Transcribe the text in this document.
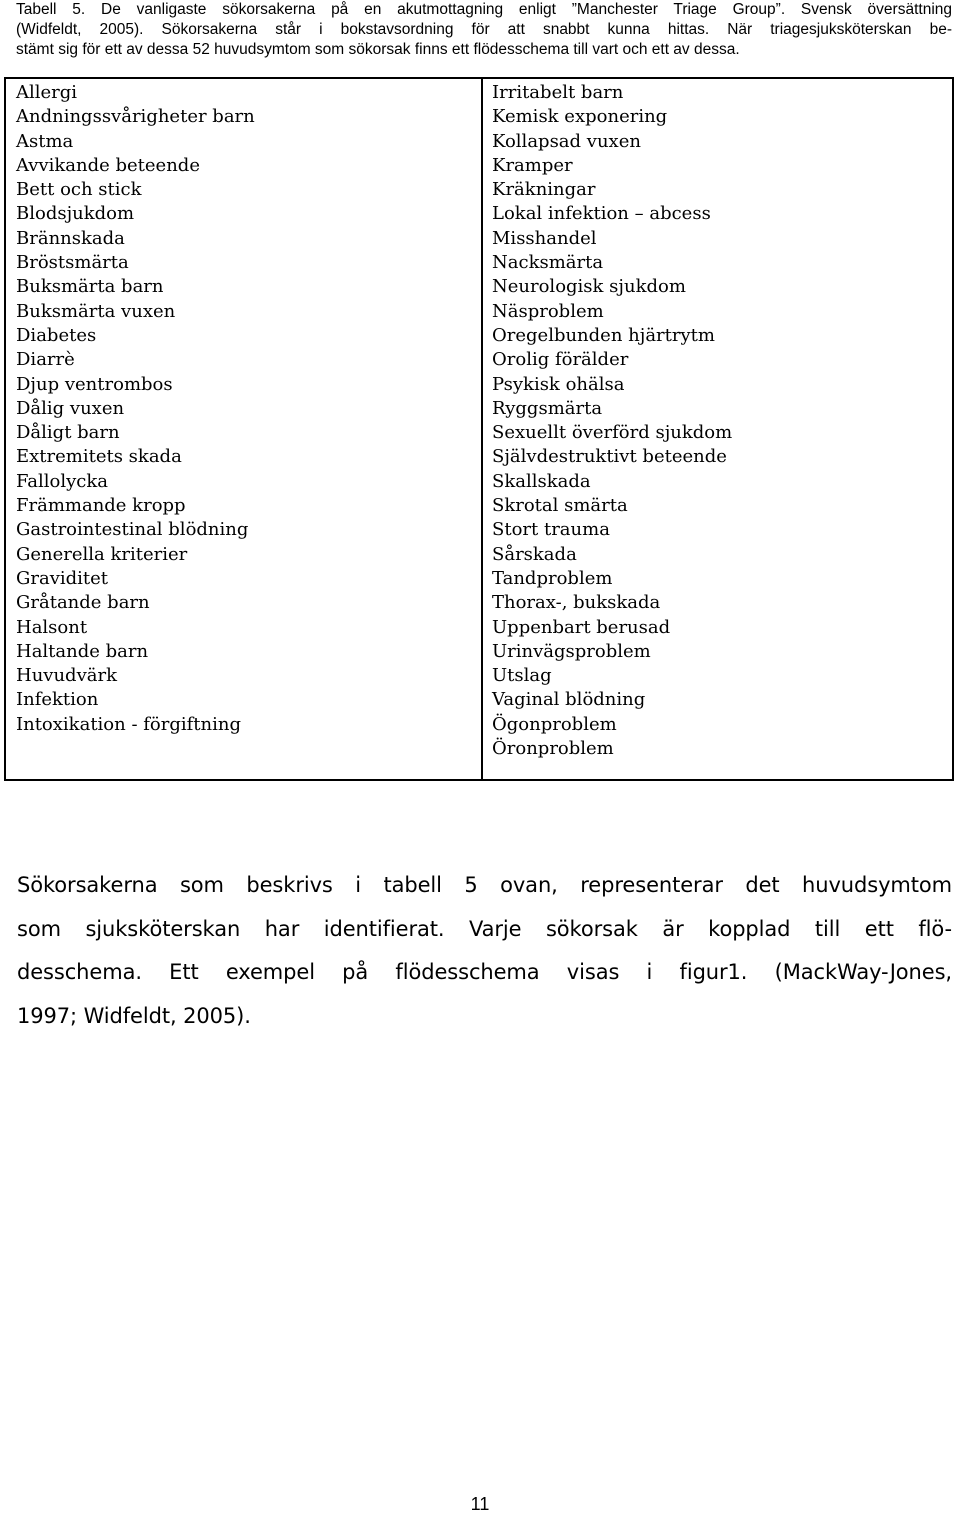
Tabell 5. De vanligaste sökorsakerna på en akutmottagning enligt ”Manchester Triage Group”. Svensk översättning
(Widfeldt, 2005). Sökorsakerna står i bokstavsordning för att snabbt kunna hittas. När triagesjuksköterskan be-
stämt sig för ett av dessa 52 huvudsymtom som sökorsak finns ett flödesschema till vart och ett av dessa.
Allergi
Andningssvårigheter barn
Astma
Avvikande beteende
Bett och stick
Blodsjukdom
Brännskada
Bröstsmärta
Buksmärta barn
Buksmärta vuxen
Diabetes
Diarrè
Djup ventrombos
Dålig vuxen
Dåligt barn
Extremitets skada
Fallolycka
Främmande kropp
Gastrointestinal blödning
Generella kriterier
Graviditet
Gråtande barn
Halsont
Haltande barn
Huvudvärk
Infektion
Intoxikation - förgiftning
Irritabelt barn
Kemisk exponering
Kollapsad vuxen
Kramper
Kräkningar
Lokal infektion – abcess
Misshandel
Nacksmärta
Neurologisk sjukdom
Näsproblem
Oregelbunden hjärtrytm
Orolig förälder
Psykisk ohälsa
Ryggsmärta
Sexuellt överförd sjukdom
Självdestruktivt beteende
Skallskada
Skrotal smärta
Stort trauma
Sårskada
Tandproblem
Thorax-, bukskada
Uppenbart berusad
Urinvägsproblem
Utslag
Vaginal blödning
Ögonproblem
Öronproblem
Sökorsakerna som beskrivs i tabell 5 ovan, representerar det huvudsymtom
som sjuksköterskan har identifierat. Varje sökorsak är kopplad till ett flö-
desschema. Ett exempel på flödesschema visas i figur1. (MackWay-Jones,
1997; Widfeldt, 2005).
11
